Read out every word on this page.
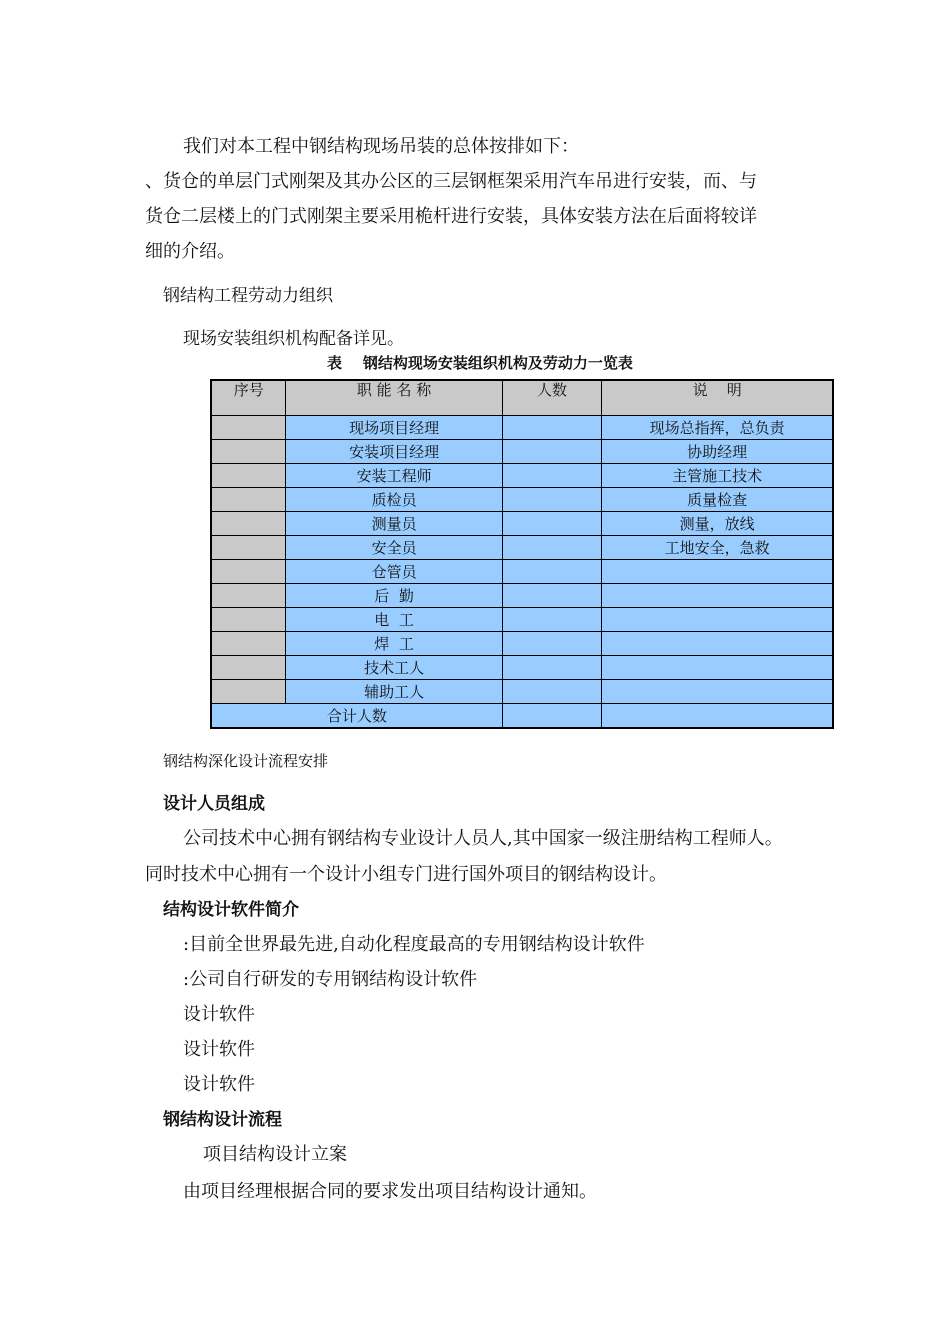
我们对本工程中钢结构现场吊装的总体按排如下：
、货仓的单层门式刚架及其办公区的三层钢框架采用汽车吊进行安装，而、与
货仓二层楼上的门式刚架主要采用桅杆进行安装，具体安装方法在后面将较详
细的介绍。
钢结构工程劳动力组织
现场安装组织机构配备详见。
表    钢结构现场安装组织机构及劳动力一览表
序号	职 能 名 称	人数	说    明
	现场项目经理		现场总指挥，总负责
	安装项目经理		协助经理
	安装工程师		主管施工技术
	质检员		质量检查
	测量员		测量，放线
	安全员		工地安全，急救
	仓管员		
	后  勤		
	电  工		
	焊  工		
	技术工人		
	辅助工人		
合计人数			
钢结构深化设计流程安排
设计人员组成
公司技术中心拥有钢结构专业设计人员人,其中国家一级注册结构工程师人。
同时技术中心拥有一个设计小组专门进行国外项目的钢结构设计。
结构设计软件简介
:目前全世界最先进,自动化程度最高的专用钢结构设计软件
:公司自行研发的专用钢结构设计软件
设计软件
设计软件
设计软件
钢结构设计流程
项目结构设计立案
由项目经理根据合同的要求发出项目结构设计通知。
